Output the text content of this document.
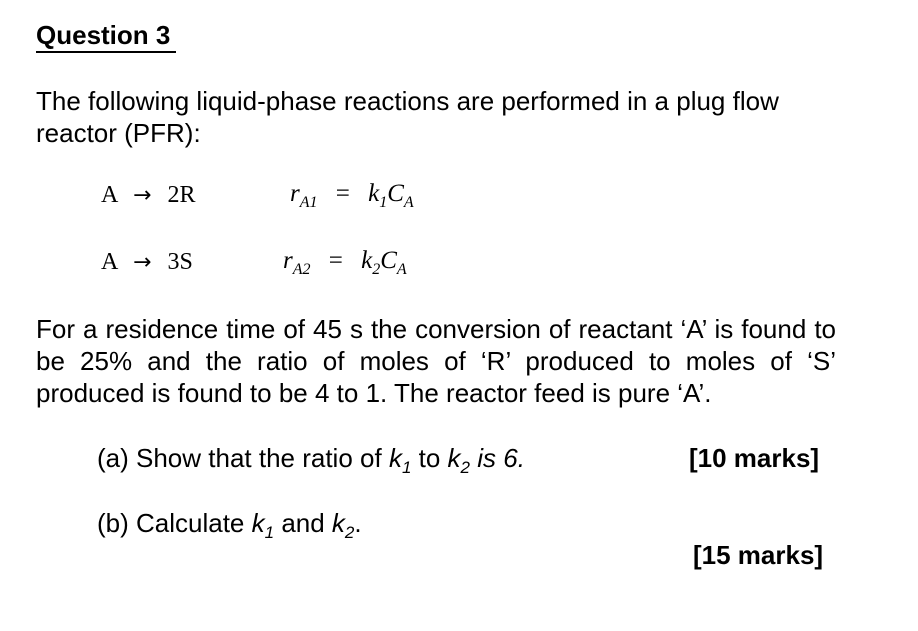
Question 3
The following liquid-phase reactions are performed in a plug flow reactor (PFR):
A → 2R	$r_{A1} = k_1C_A$
A → 3S	$r_{A2} = k_2C_A$
For a residence time of 45 s the conversion of reactant ‘A’ is found to be 25% and the ratio of moles of ‘R’ produced to moles of ‘S’ produced is found to be 4 to 1. The reactor feed is pure ‘A’.
(a) Show that the ratio of $k_1$ to $k_2$ is 6.	[10 marks]
(b) Calculate $k_1$ and $k_2$.
[15 marks]
